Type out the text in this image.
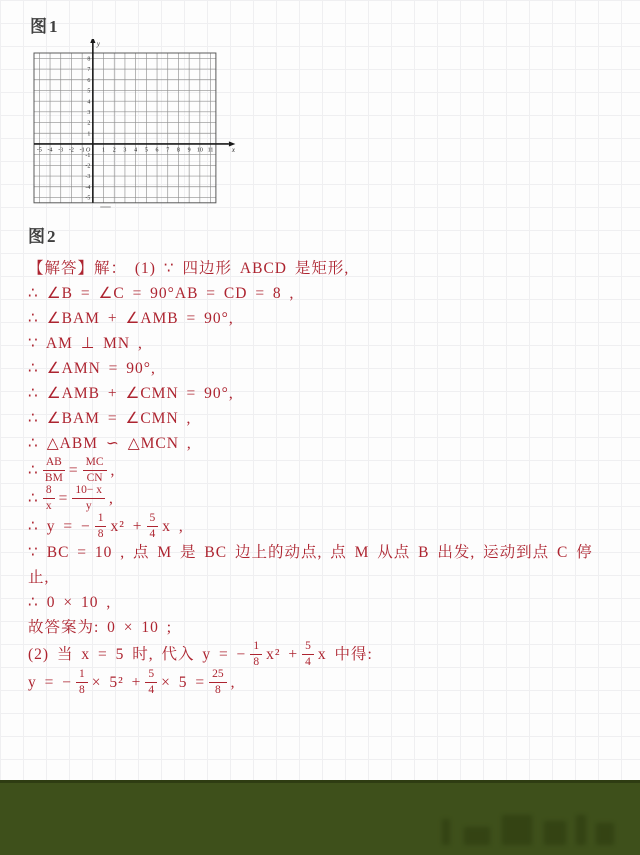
图1
x
y
O
-5 -4 -3 -2 -1	1 2 3 4 5 6 7 8 9 10 11
8
7
6
5
4
3
2
1
-1
-2
-3
-4
-5
图2
【解答】解： (1) ∵ 四边形 ABCD 是矩形,
∴ ∠B = ∠C = 90°AB = CD = 8 ,
∴ ∠BAM + ∠AMB = 90°,
∵ AM ⊥ MN ,
∴ ∠AMN = 90°,
∴ ∠AMB + ∠CMN = 90°,
∴ ∠BAM = ∠CMN ,
∴ △ABM ∽ △MCN ,
∴ $\frac{AB}{BM} = \frac{MC}{CN}$ ,
∴ $\frac{8}{x} = \frac{10- x}{y}$ ,
∴ y = − $\frac{1}{8} x^2 + \frac{5}{4}$ x ,
∵ BC = 10 , 点 M 是 BC 边上的动点, 点 M 从点 B 出发, 运动到点 C 停
止,
∴ 0 × 10 ,
故答案为: 0 × 10 ;
(2) 当 x = 5 时, 代入 y = − $\frac{1}{8} x^2 + \frac{5}{4}$ x 中得:
y = − $\frac{1}{8} \times 5^2 + \frac{5}{4} \times 5 = \frac{25}{8}$ ,
